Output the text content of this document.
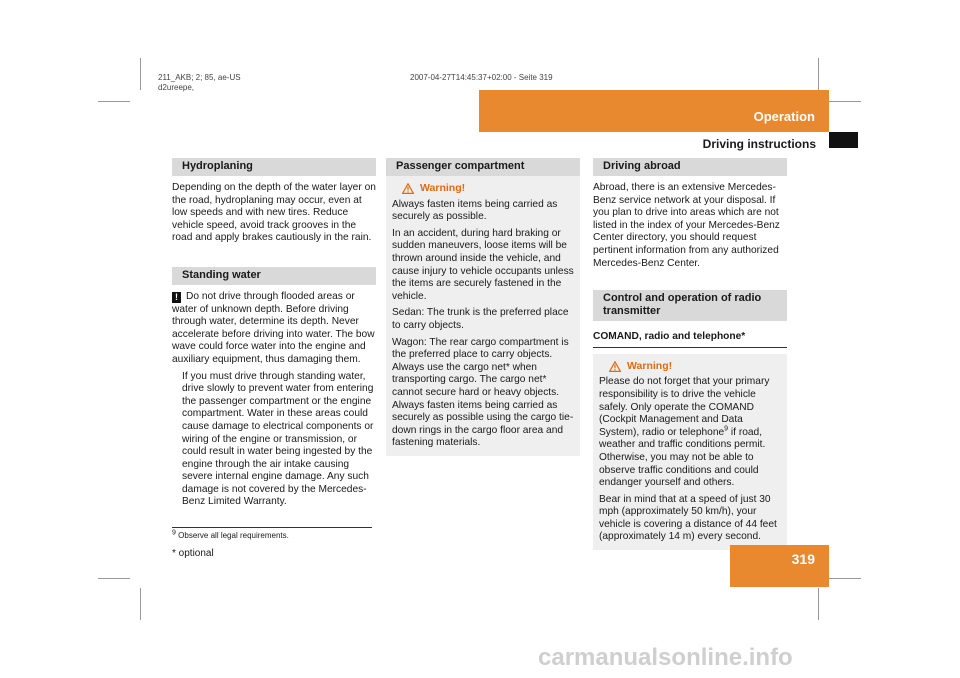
211_AKB; 2; 85, ae-US
d2ureepe,
2007-04-27T14:45:37+02:00 - Seite 319
Operation
Driving instructions
Hydroplaning

Depending on the depth of the water layer on the road, hydroplaning may occur, even at low speeds and with new tires. Reduce vehicle speed, avoid track grooves in the road and apply brakes cautiously in the rain.

Standing water

! Do not drive through flooded areas or water of unknown depth. Before driving through water, determine its depth. Never accelerate before driving into water. The bow wave could force water into the engine and auxiliary equipment, thus damaging them.

If you must drive through standing water, drive slowly to prevent water from entering the passenger compartment or the engine compartment. Water in these areas could cause damage to electrical components or wiring of the engine or transmission, or could result in water being ingested by the engine through the air intake causing severe internal engine damage. Any such damage is not covered by the Mercedes-Benz Limited Warranty.

9 Observe all legal requirements.
* optional
Passenger compartment
Warning!

Always fasten items being carried as securely as possible.

In an accident, during hard braking or sudden maneuvers, loose items will be thrown around inside the vehicle, and cause injury to vehicle occupants unless the items are securely fastened in the vehicle.

Sedan: The trunk is the preferred place to carry objects.

Wagon: The rear cargo compartment is the preferred place to carry objects. Always use the cargo net* when transporting cargo. The cargo net* cannot secure hard or heavy objects. Always fasten items being carried as securely as possible using the cargo tie-down rings in the cargo floor area and fastening materials.

Driving abroad

Abroad, there is an extensive Mercedes-Benz service network at your disposal. If you plan to drive into areas which are not listed in the index of your Mercedes-Benz Center directory, you should request pertinent information from any authorized Mercedes-Benz Center.

Control and operation of radio transmitter
COMAND, radio and telephone*
Warning!

Please do not forget that your primary responsibility is to drive the vehicle safely. Only operate the COMAND (Cockpit Management and Data System), radio or telephone$^9$ if road, weather and traffic conditions permit. Otherwise, you may not be able to observe traffic conditions and could endanger yourself and others.

Bear in mind that at a speed of just 30 mph (approximately 50 km/h), your vehicle is covering a distance of 44 feet (approximately 14 m) every second.

319
carmanualsonline.info
